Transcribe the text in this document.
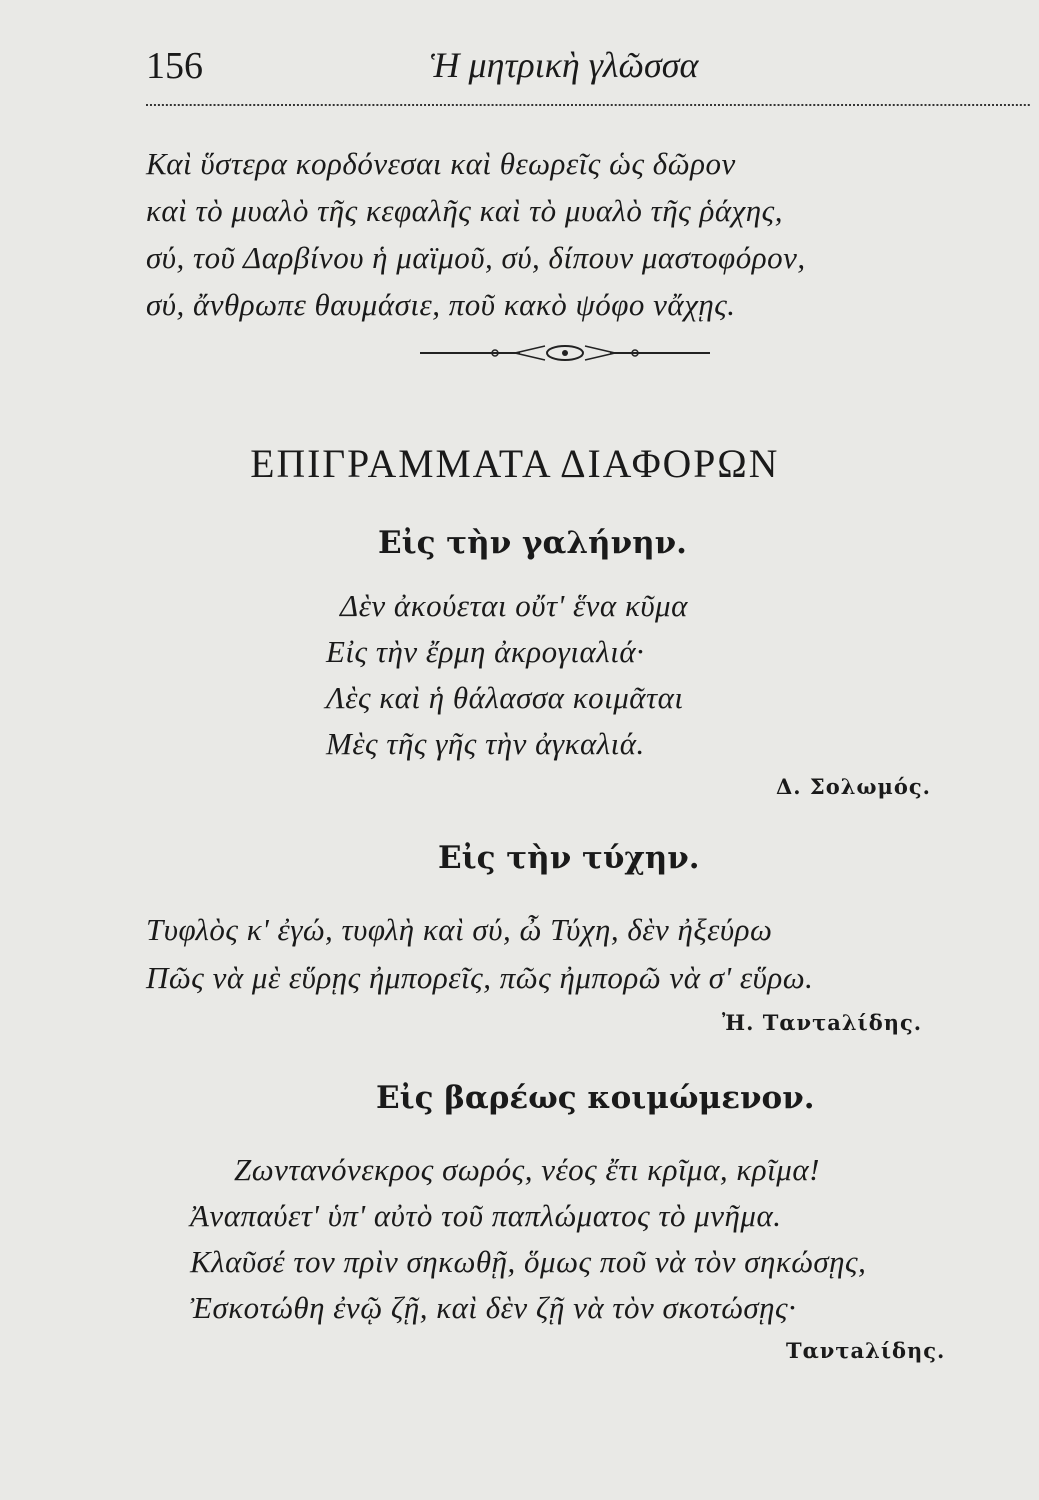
156	Ἡ μητρικὴ γλῶσσα
Καὶ ὕστερα κορδόνεσαι καὶ θεωρεῖς ὡς δῶρον
καὶ τὸ μυαλὸ τῆς κεφαλῆς καὶ τὸ μυαλὸ τῆς ῥάχης,
σύ, τοῦ Δαρβίνου ἡ μαϊμοῦ, σύ, δίπουν μαστοφόρον,
σύ, ἄνθρωπε θαυμάσιε, ποῦ κακὸ ψόφο νἄχῃς.
ΕΠΙΓΡΑΜΜΑΤΑ ΔΙΑΦΟΡΩΝ
Εἰς τὴν γαλήνην.
Δὲν ἀκούεται οὔτ' ἕνα κῦμα
Εἰς τὴν ἔρμη ἀκρογιαλιά·
Λὲς καὶ ἡ θάλασσα κοιμᾶται
Μὲς τῆς γῆς τὴν ἀγκαλιά.
Δ. Σολωμός.
Εἰς τὴν τύχην.
Τυφλὸς κ' ἐγώ, τυφλὴ καὶ σύ, ὦ Τύχη, δὲν ἠξεύρω
Πῶς νὰ μὲ εὕρῃς ἠμπορεῖς, πῶς ἠμπορῶ νὰ σ' εὕρω.
Ἠ. Ταντaλίδης.
Εἰς βαρέως κοιμώμενον.
Ζωντανόνεκρος σωρός, νέος ἔτι κρῖμα, κρῖμα!
Ἀναπαύετ' ὑπ' αὐτὸ τοῦ παπλώματος τὸ μνῆμα.
Κλαῦσέ τον πρὶν σηκωθῇ, ὅμως ποῦ νὰ τὸν σηκώσῃς,
Ἐσκοτώθη ἐνῷ ζῇ, καὶ δὲν ζῇ νὰ τὸν σκοτώσῃς·
Ταντaλίδης.
